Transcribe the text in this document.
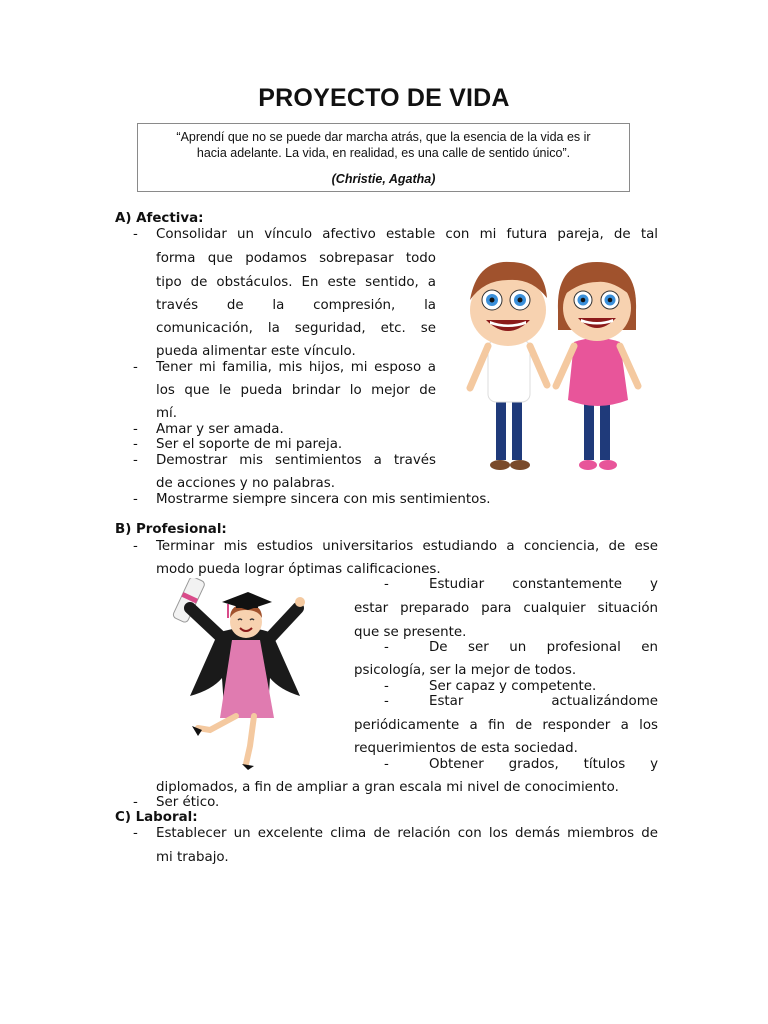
PROYECTO DE VIDA
“Aprendí que no se puede dar marcha atrás, que la esencia de la vida es ir
hacia adelante. La vida, en realidad, es una calle de sentido único”.
(Christie, Agatha)
A) Afectiva:
- Consolidar un vínculo afectivo estable con mi futura pareja, de tal
forma que podamos sobrepasar todo
tipo de obstáculos. En este sentido, a
través de la compresión, la
comunicación, la seguridad, etc. se
pueda alimentar este vínculo.
- Tener mi familia, mis hijos, mi esposo a
los que le pueda brindar lo mejor de
mí.
- Amar y ser amada.
- Ser el soporte de mi pareja.
- Demostrar mis sentimientos a través
de acciones y no palabras.
- Mostrarme siempre sincera con mis sentimientos.
B) Profesional:
- Terminar mis estudios universitarios estudiando a conciencia, de ese
modo pueda lograr óptimas calificaciones.
-	Estudiar constantemente y
estar preparado para cualquier situación
que se presente.
-	De ser un profesional en
psicología, ser la mejor de todos.
-	Ser capaz y competente.
-	Estar actualizándome
periódicamente a fin de responder a los
requerimientos de esta sociedad.
-	Obtener grados, títulos y
diplomados, a fin de ampliar a gran escala mi nivel de conocimiento.
- Ser ético.
C) Laboral:
- Establecer un excelente clima de relación con los demás miembros de
mi trabajo.
